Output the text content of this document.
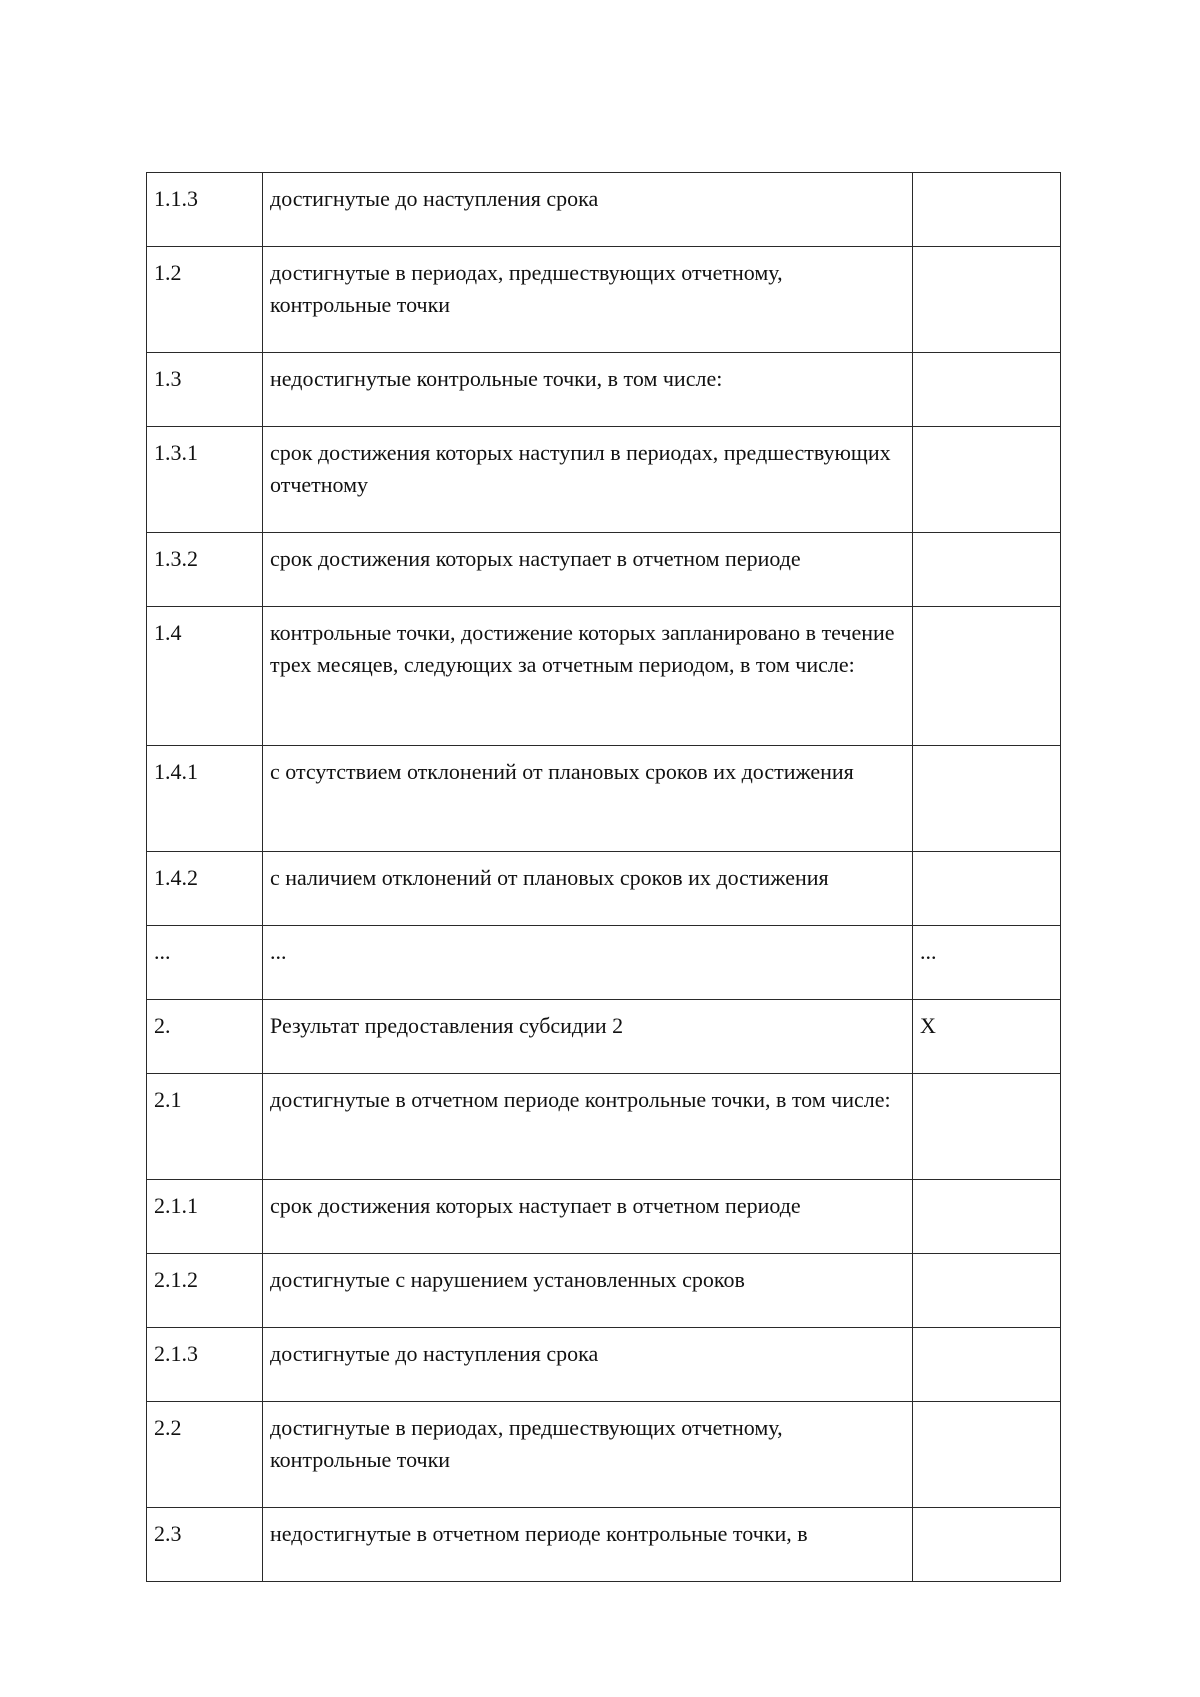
1.1.3	достигнутые до наступления срока	
1.2	достигнутые в периодах, предшествующих отчетному, контрольные точки	
1.3	недостигнутые контрольные точки, в том числе:	
1.3.1	срок достижения которых наступил в периодах, предшествующих отчетному	
1.3.2	срок достижения которых наступает в отчетном периоде	
1.4	контрольные точки, достижение которых запланировано в течение трех месяцев, следующих за отчетным периодом, в том числе:	
1.4.1	с отсутствием отклонений от плановых сроков их достижения	
1.4.2	с наличием отклонений от плановых сроков их достижения	
...	...	...
2.	Результат предоставления субсидии 2	X
2.1	достигнутые в отчетном периоде контрольные точки, в том числе:	
2.1.1	срок достижения которых наступает в отчетном периоде	
2.1.2	достигнутые с нарушением установленных сроков	
2.1.3	достигнутые до наступления срока	
2.2	достигнутые в периодах, предшествующих отчетному, контрольные точки	
2.3	недостигнутые в отчетном периоде контрольные точки, в	
